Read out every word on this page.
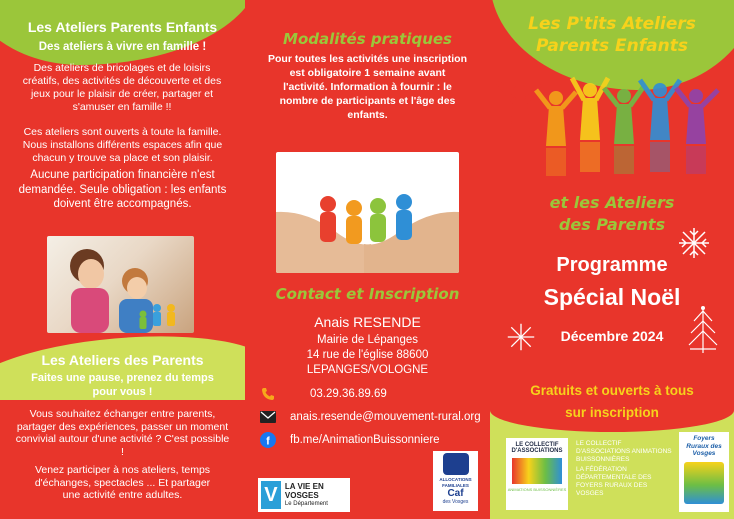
Les Ateliers Parents Enfants
Des ateliers à vivre en famille !
Des ateliers de bricolages et de loisirs créatifs, des activités de découverte et des jeux pour le plaisir de créer, partager et s'amuser en famille !!
Ces ateliers sont ouverts à toute la famille. Nous installons différents espaces afin que chacun y trouve sa place et son plaisir.
Aucune participation financière n'est demandée. Seule obligation : les enfants doivent être accompagnés.
Les Ateliers des Parents
Faites une pause, prenez du temps pour vous !
Vous souhaitez échanger entre parents, partager des expériences, passer un moment convivial autour d'une activité ? C'est possible !
Venez participer à nos ateliers, temps d'échanges, spectacles ... Et partager une activité entre adultes.
Modalités pratiques
Pour toutes les activités une inscription est obligatoire 1 semaine avant l'activité. Information à fournir : le nombre de participants et l'âge des enfants.
Contact et Inscription
Anais RESENDE
Mairie de Lépanges
14 rue de l'église 88600
LEPANGES/VOLOGNE
03.29.36.89.69
anais.resende@mouvement-rural.org
f fb.me/AnimationBuissonniere
V LA VIE EN VOSGES
Le Département
ALLOCATIONS FAMILIALES
Caf
des Vosges
Les P'tits Ateliers
Parents Enfants
et les Ateliers
des Parents
Programme
Spécial Noël
Décembre 2024
Gratuits et ouverts à tous
sur inscription
LE COLLECTIF
D'ASSOCIATIONS
ANIMATIONS BUISSONNIÈRES
LE COLLECTIF D'ASSOCIATIONS ANIMATIONS BUISSONNIÈRES
LA FÉDÉRATION DÉPARTEMENTALE DES FOYERS RURAUX DES VOSGES
Foyers Ruraux des Vosges
